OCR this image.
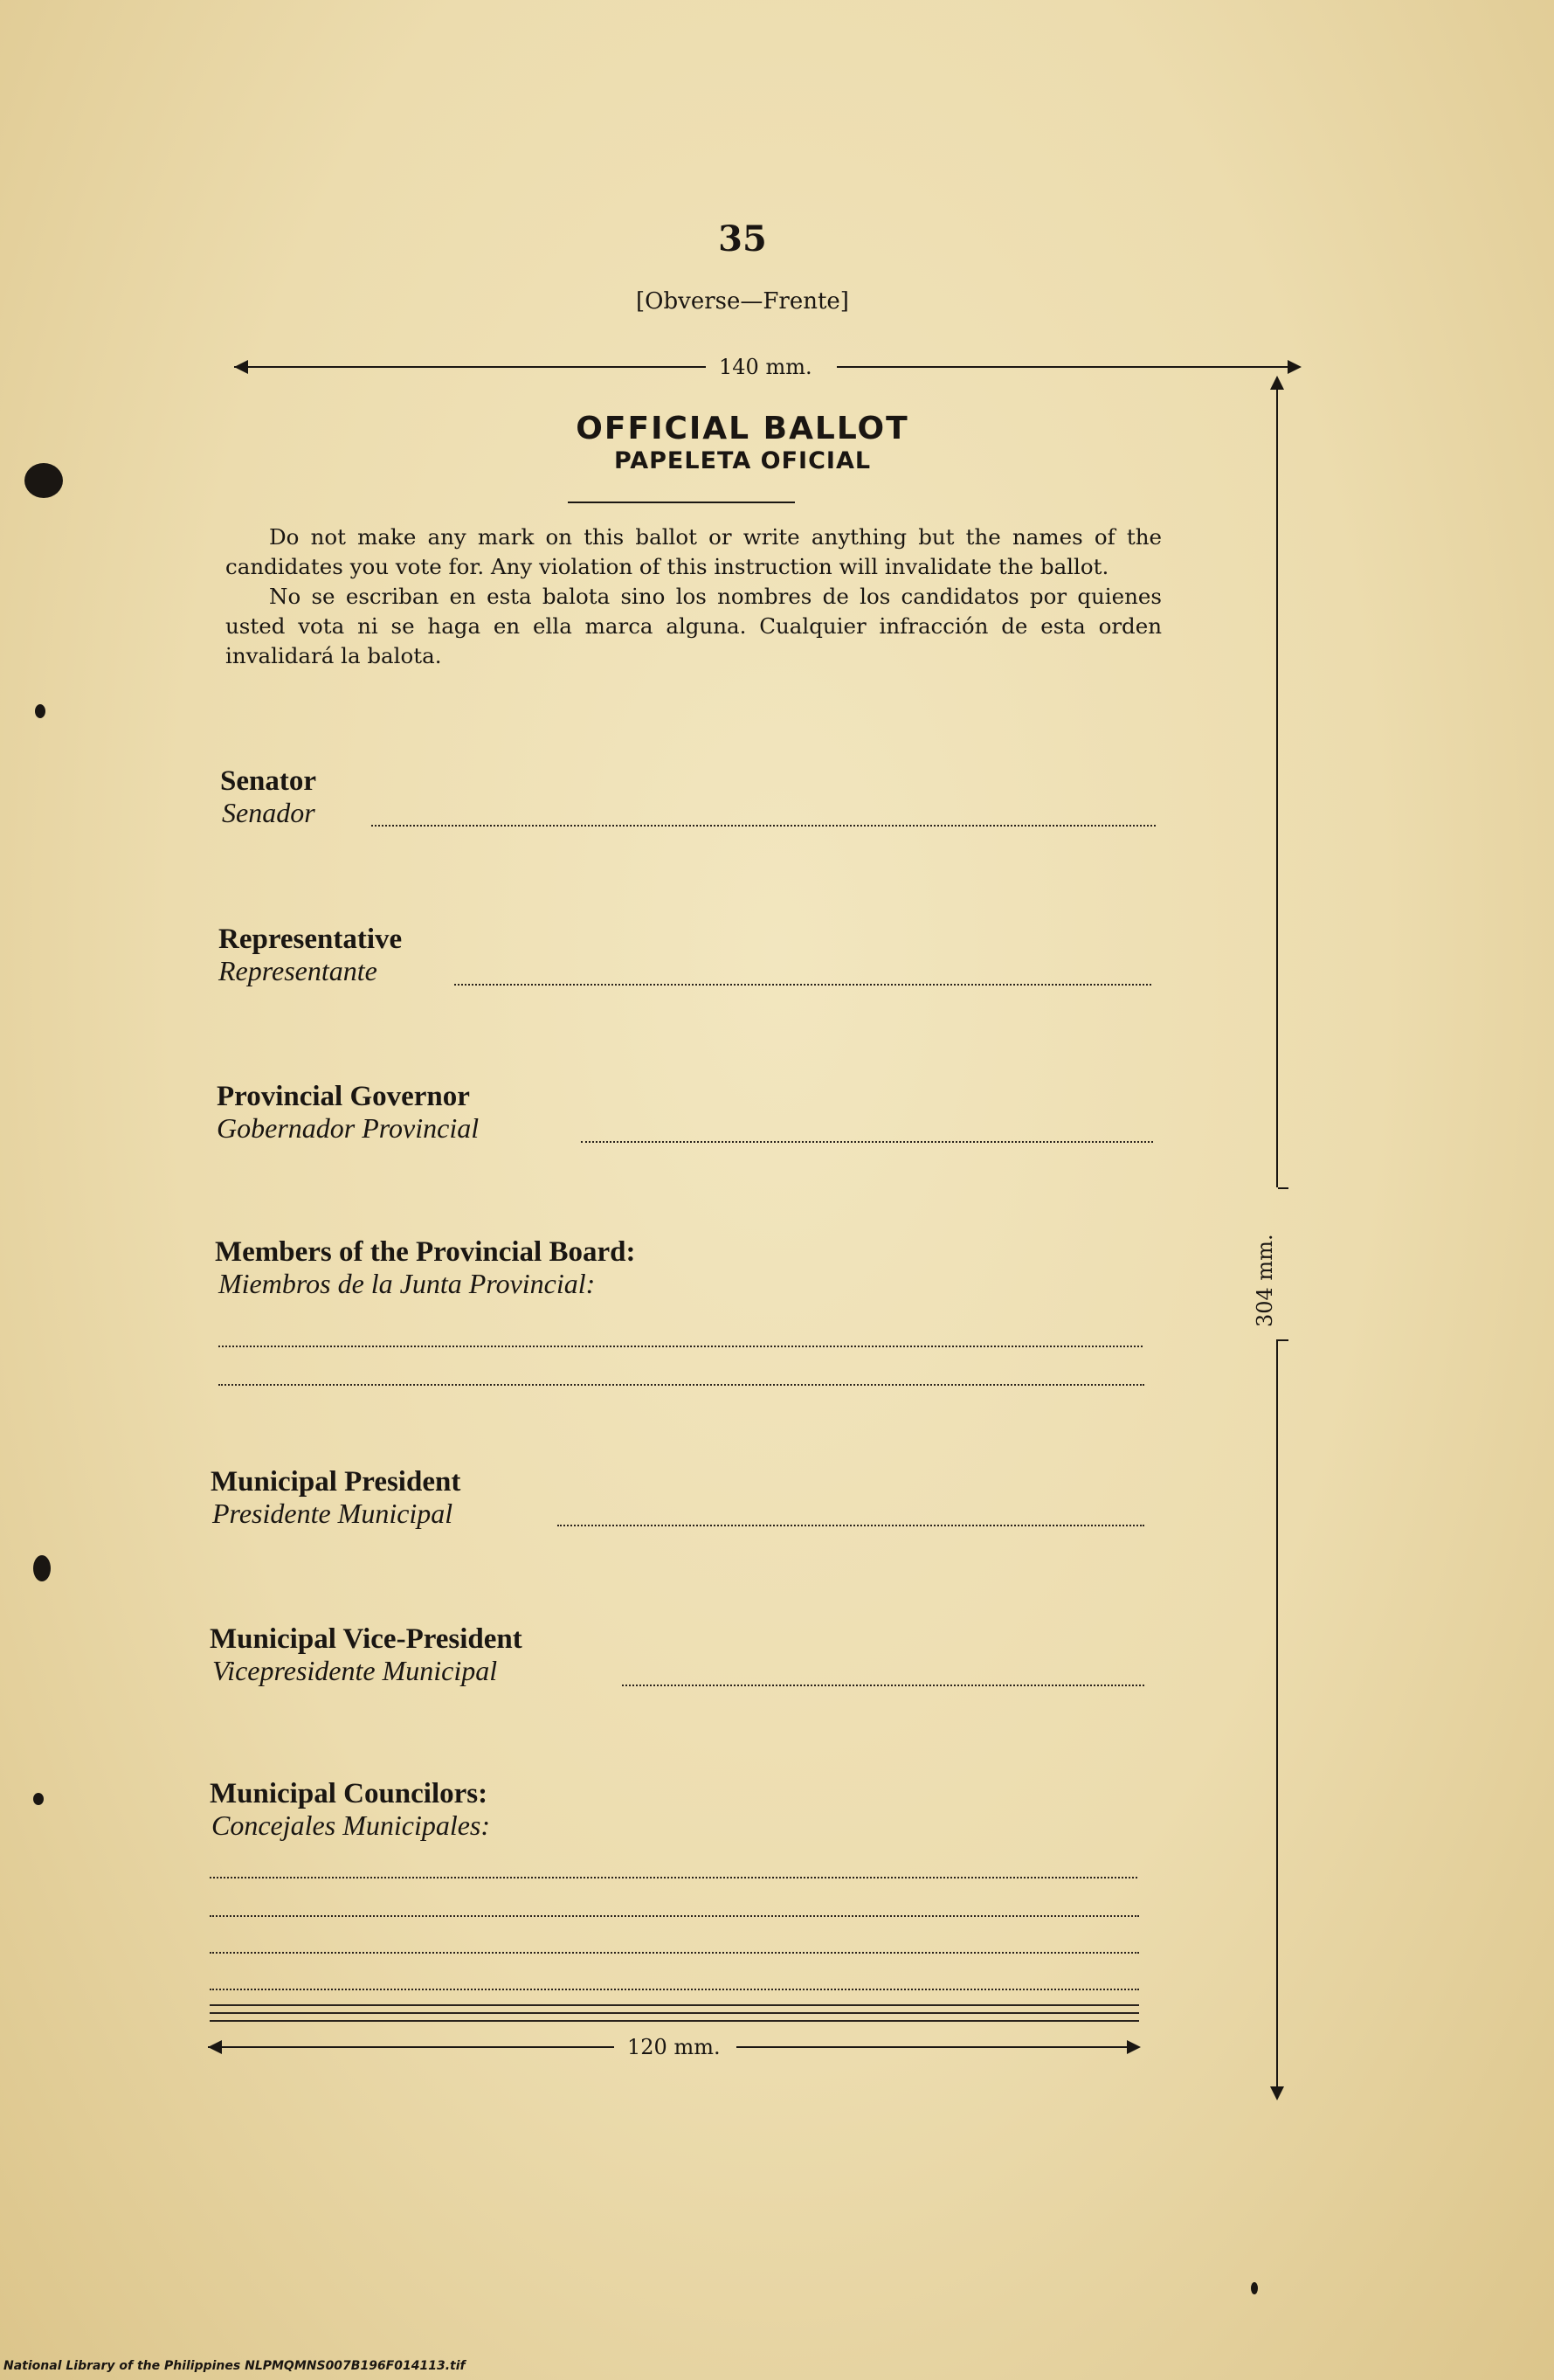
35
[Obverse—Frente]
140 mm.
304 mm.
OFFICIAL BALLOT
PAPELETA OFICIAL

Do not make any mark on this ballot or write anything but the names of the candidates you vote for. Any violation of this instruction will invalidate the ballot.

No se escriban en esta balota sino los nombres de los candidatos por quienes usted vota ni se haga en ella marca alguna. Cualquier infracción de esta orden invalidará la balota.

Senator
Senador
Representative
Representante
Provincial Governor
Gobernador Provincial
Members of the Provincial Board:
Miembros de la Junta Provincial:
Municipal President
Presidente Municipal
Municipal Vice-President
Vicepresidente Municipal
Municipal Councilors:
Concejales Municipales:
120 mm.
National Library of the Philippines NLPMQMNS007B196F014113.tif
